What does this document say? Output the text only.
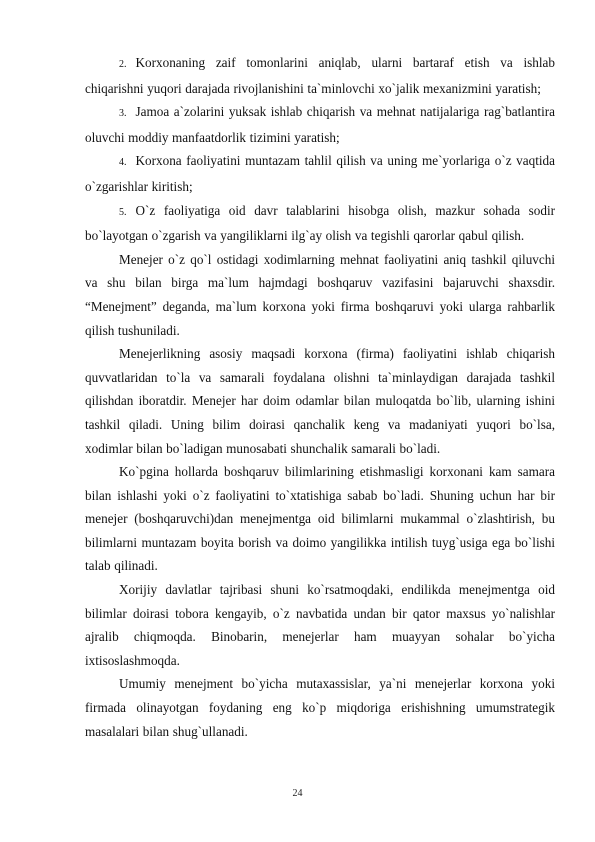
2. Korxonaning zaif tomonlarini aniqlab, ularni bartaraf etish va ishlab chiqarishni yuqori darajada rivojlanishini ta`minlovchi xo`jalik mexanizmini yaratish;

3. Jamoa a`zolarini yuksak ishlab chiqarish va mehnat natijalariga rag`batlantira oluvchi moddiy manfaatdorlik tizimini yaratish;

4. Korxona faoliyatini muntazam tahlil qilish va uning me`yorlariga o`z vaqtida o`zgarishlar kiritish;

5. O`z faoliyatiga oid davr talablarini hisobga olish, mazkur sohada sodir bo`layotgan o`zgarish va yangiliklarni ilg`ay olish va tegishli qarorlar qabul qilish.

Menejer o`z qo`l ostidagi xodimlarning mehnat faoliyatini aniq tashkil qiluvchi va shu bilan birga ma`lum hajmdagi boshqaruv vazifasini bajaruvchi shaxsdir. “Menejment” deganda, ma`lum korxona yoki firma boshqaruvi yoki ularga rahbarlik qilish tushuniladi.

Menejerlikning asosiy maqsadi korxona (firma) faoliyatini ishlab chiqarish quvvatlaridan to`la va samarali foydalana olishni ta`minlaydigan darajada tashkil qilishdan iboratdir. Menejer har doim odamlar bilan muloqatda bo`lib, ularning ishini tashkil qiladi. Uning bilim doirasi qanchalik keng va madaniyati yuqori bo`lsa, xodimlar bilan bo`ladigan munosabati shunchalik samarali bo`ladi.

Ko`pgina hollarda boshqaruv bilimlarining etishmasligi korxonani kam samara bilan ishlashi yoki o`z faoliyatini to`xtatishiga sabab bo`ladi. Shuning uchun har bir menejer (boshqaruvchi)dan menejmentga oid bilimlarni mukammal o`zlashtirish, bu bilimlarni muntazam boyita borish va doimo yangilikka intilish tuyg`usiga ega bo`lishi talab qilinadi.

Xorijiy davlatlar tajribasi shuni ko`rsatmoqdaki, endilikda menejmentga oid bilimlar doirasi tobora kengayib, o`z navbatida undan bir qator maxsus yo`nalishlar ajralib chiqmoqda. Binobarin, menejerlar ham muayyan sohalar bo`yicha ixtisoslashmoqda.

Umumiy menejment bo`yicha mutaxassislar, ya`ni menejerlar korxona yoki firmada olinayotgan foydaning eng ko`p miqdoriga erishishning umumstrategik masalalari bilan shug`ullanadi.

24
